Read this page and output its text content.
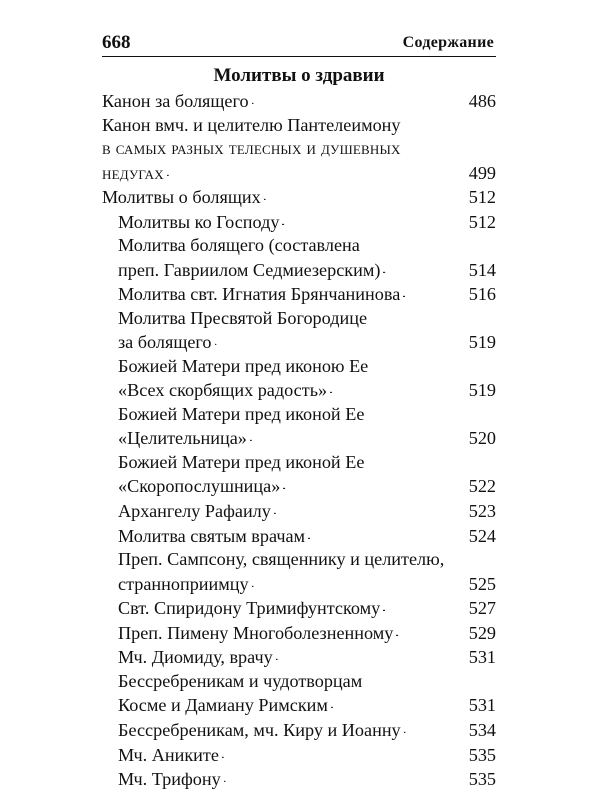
668	Содержание
Молитвы о здравии
Канон за болящего . . .	486
Канон вмч. и целителю Пантелеимону
в самых разных телесных и душевных
недугах . . .	499
Молитвы о болящих . . .	512
Молитвы ко Господу . . .	512
Молитва болящего (составлена
преп. Гавриилом Седмиезерским) . . .	514
Молитва свт. Игнатия Брянчанинова . . .	516
Молитва Пресвятой Богородице
за болящего . . .	519
Божией Матери пред иконою Ее
«Всех скорбящих радость» . . .	519
Божией Матери пред иконой Ее
«Целительница» . . .	520
Божией Матери пред иконой Ее
«Скоропослушница» . . .	522
Архангелу Рафаилу . . .	523
Молитва святым врачам . . .	524
Преп. Сампсону, священнику и целителю,
странноприимцу . . .	525
Свт. Спиридону Тримифунтскому . . .	527
Преп. Пимену Многоболезненному . . .	529
Мч. Диомиду, врачу . . .	531
Бессребреникам и чудотворцам
Косме и Дамиану Римским . . .	531
Бессребреникам, мч. Киру и Иоанну . . .	534
Мч. Аниките . . .	535
Мч. Трифону . . .	535
